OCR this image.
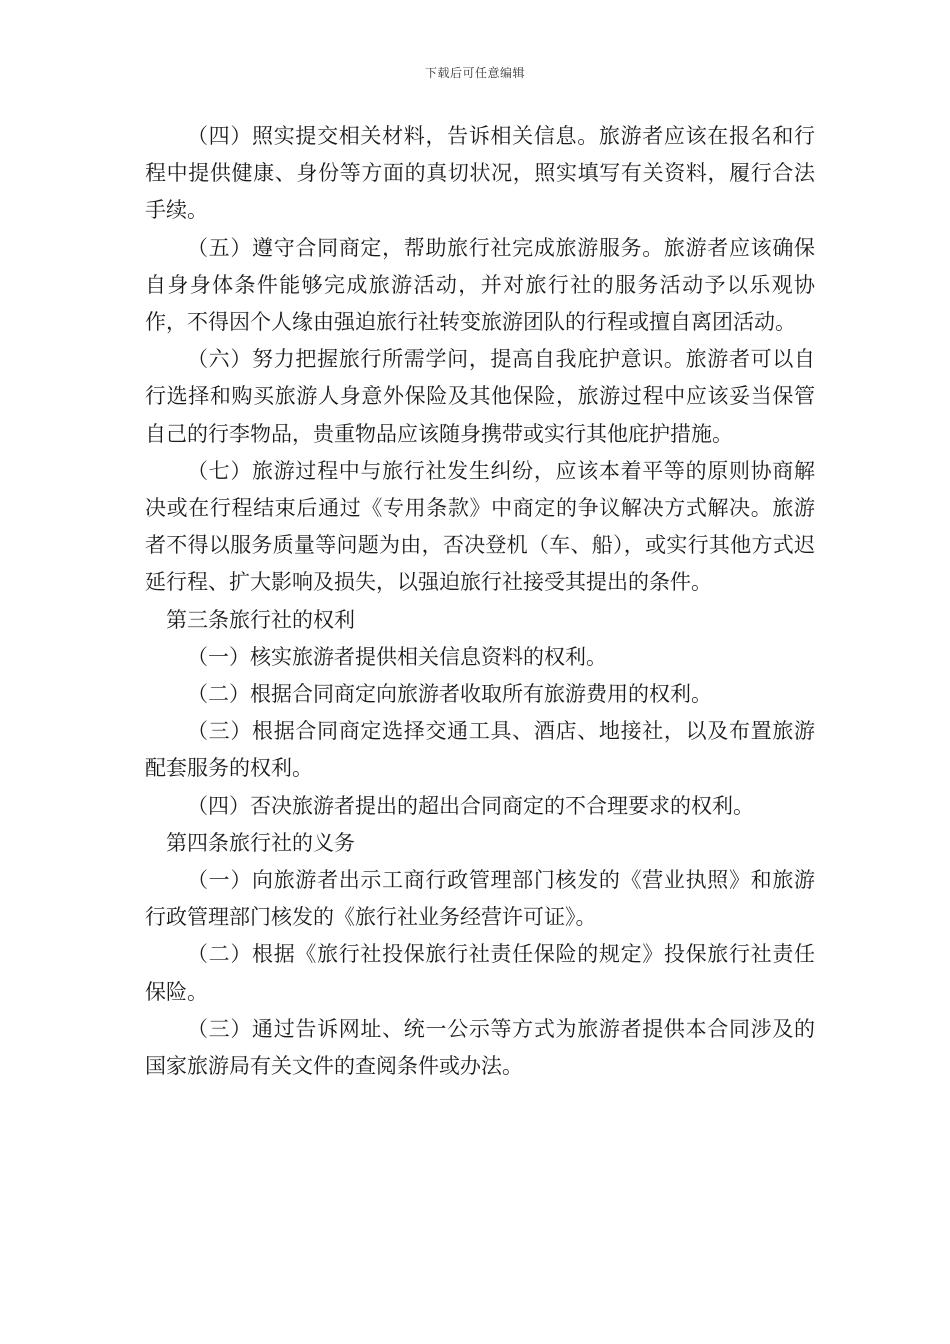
下载后可任意编辑

（四）照实提交相关材料，告诉相关信息。旅游者应该在报名和行程中提供健康、身份等方面的真切状况，照实填写有关资料，履行合法手续。

（五）遵守合同商定，帮助旅行社完成旅游服务。旅游者应该确保自身身体条件能够完成旅游活动，并对旅行社的服务活动予以乐观协作，不得因个人缘由强迫旅行社转变旅游团队的行程或擅自离团活动。

（六）努力把握旅行所需学问，提高自我庇护意识。旅游者可以自行选择和购买旅游人身意外保险及其他保险，旅游过程中应该妥当保管自己的行李物品，贵重物品应该随身携带或实行其他庇护措施。

（七）旅游过程中与旅行社发生纠纷，应该本着平等的原则协商解决或在行程结束后通过《专用条款》中商定的争议解决方式解决。旅游者不得以服务质量等问题为由，否决登机（车、船），或实行其他方式迟延行程、扩大影响及损失，以强迫旅行社接受其提出的条件。

第三条旅行社的权利

（一）核实旅游者提供相关信息资料的权利。

（二）根据合同商定向旅游者收取所有旅游费用的权利。

（三）根据合同商定选择交通工具、酒店、地接社，以及布置旅游配套服务的权利。

（四）否决旅游者提出的超出合同商定的不合理要求的权利。

第四条旅行社的义务

（一）向旅游者出示工商行政管理部门核发的《营业执照》和旅游行政管理部门核发的《旅行社业务经营许可证》。

（二）根据《旅行社投保旅行社责任保险的规定》投保旅行社责任保险。

（三）通过告诉网址、统一公示等方式为旅游者提供本合同涉及的国家旅游局有关文件的查阅条件或办法。
